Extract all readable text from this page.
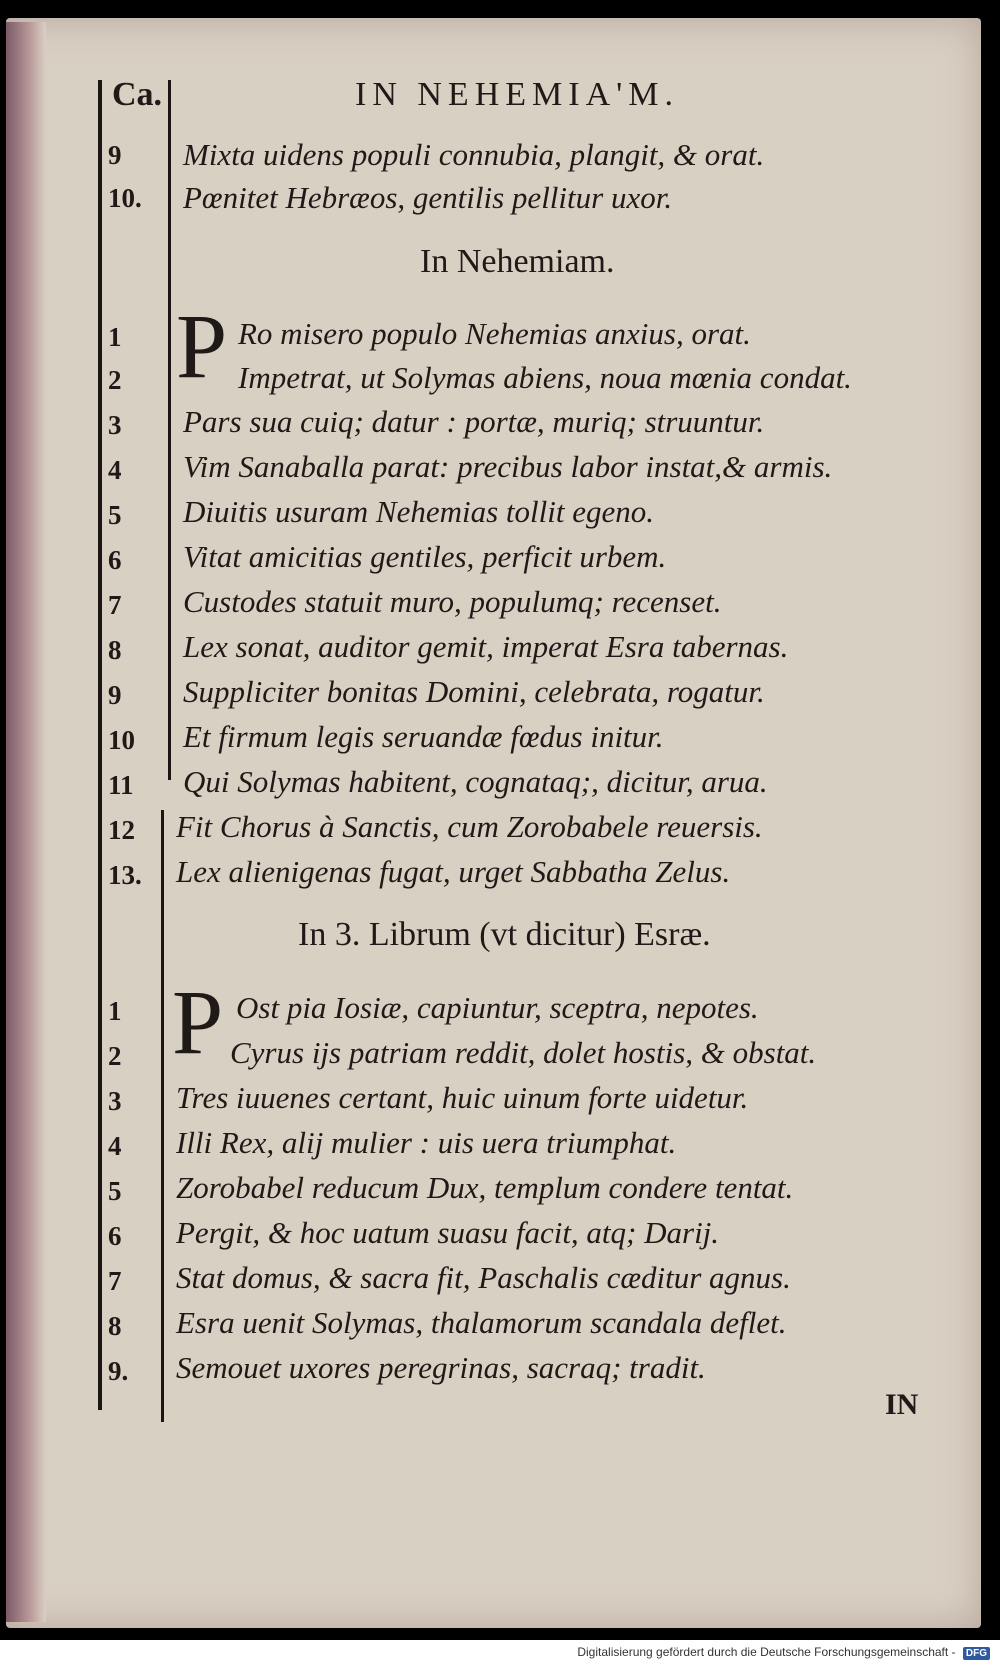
Ca.	IN NEHEMIA'M.
9 Mixta uidens populi connubia, plangit, & orat.
10. Pœnitet Hebræos, gentilis pellitur uxor.
In Nehemiam.
P
1	Ro misero populo Nehemias anxius, orat.
2	Impetrat, ut Solymas abiens, noua mœnia condat.
3 Pars sua cuiq; datur : portæ, muriq; struuntur.
4 Vim Sanaballa parat: precibus labor instat,& armis.
5 Diuitis usuram Nehemias tollit egeno.
6 Vitat amicitias gentiles, perficit urbem.
7 Custodes statuit muro, populumq; recenset.
8 Lex sonat, auditor gemit, imperat Esra tabernas.
9 Suppliciter bonitas Domini, celebrata, rogatur.
10 Et firmum legis seruandæ fœdus initur.
11 Qui Solymas habitent, cognataq;, dicitur, arua.
12 Fit Chorus à Sanctis, cum Zorobabele reuersis.
13. Lex alienigenas fugat, urget Sabbatha Zelus.
In 3. Librum (vt dicitur) Esræ.
P
1	Ost pia Iosiæ, capiuntur, sceptra, nepotes.
2	Cyrus ijs patriam reddit, dolet hostis, & obstat.
3 Tres iuuenes certant, huic uinum forte uidetur.
4 Illi Rex, alij mulier : uis uera triumphat.
5 Zorobabel reducum Dux, templum condere tentat.
6 Pergit, & hoc uatum suasu facit, atq; Darij.
7 Stat domus, & sacra fit, Paschalis cæditur agnus.
8 Esra uenit Solymas, thalamorum scandala deflet.
9. Semouet uxores peregrinas, sacraq; tradit.
IN
Digitalisierung gefördert durch die Deutsche Forschungsgemeinschaft - DFG
